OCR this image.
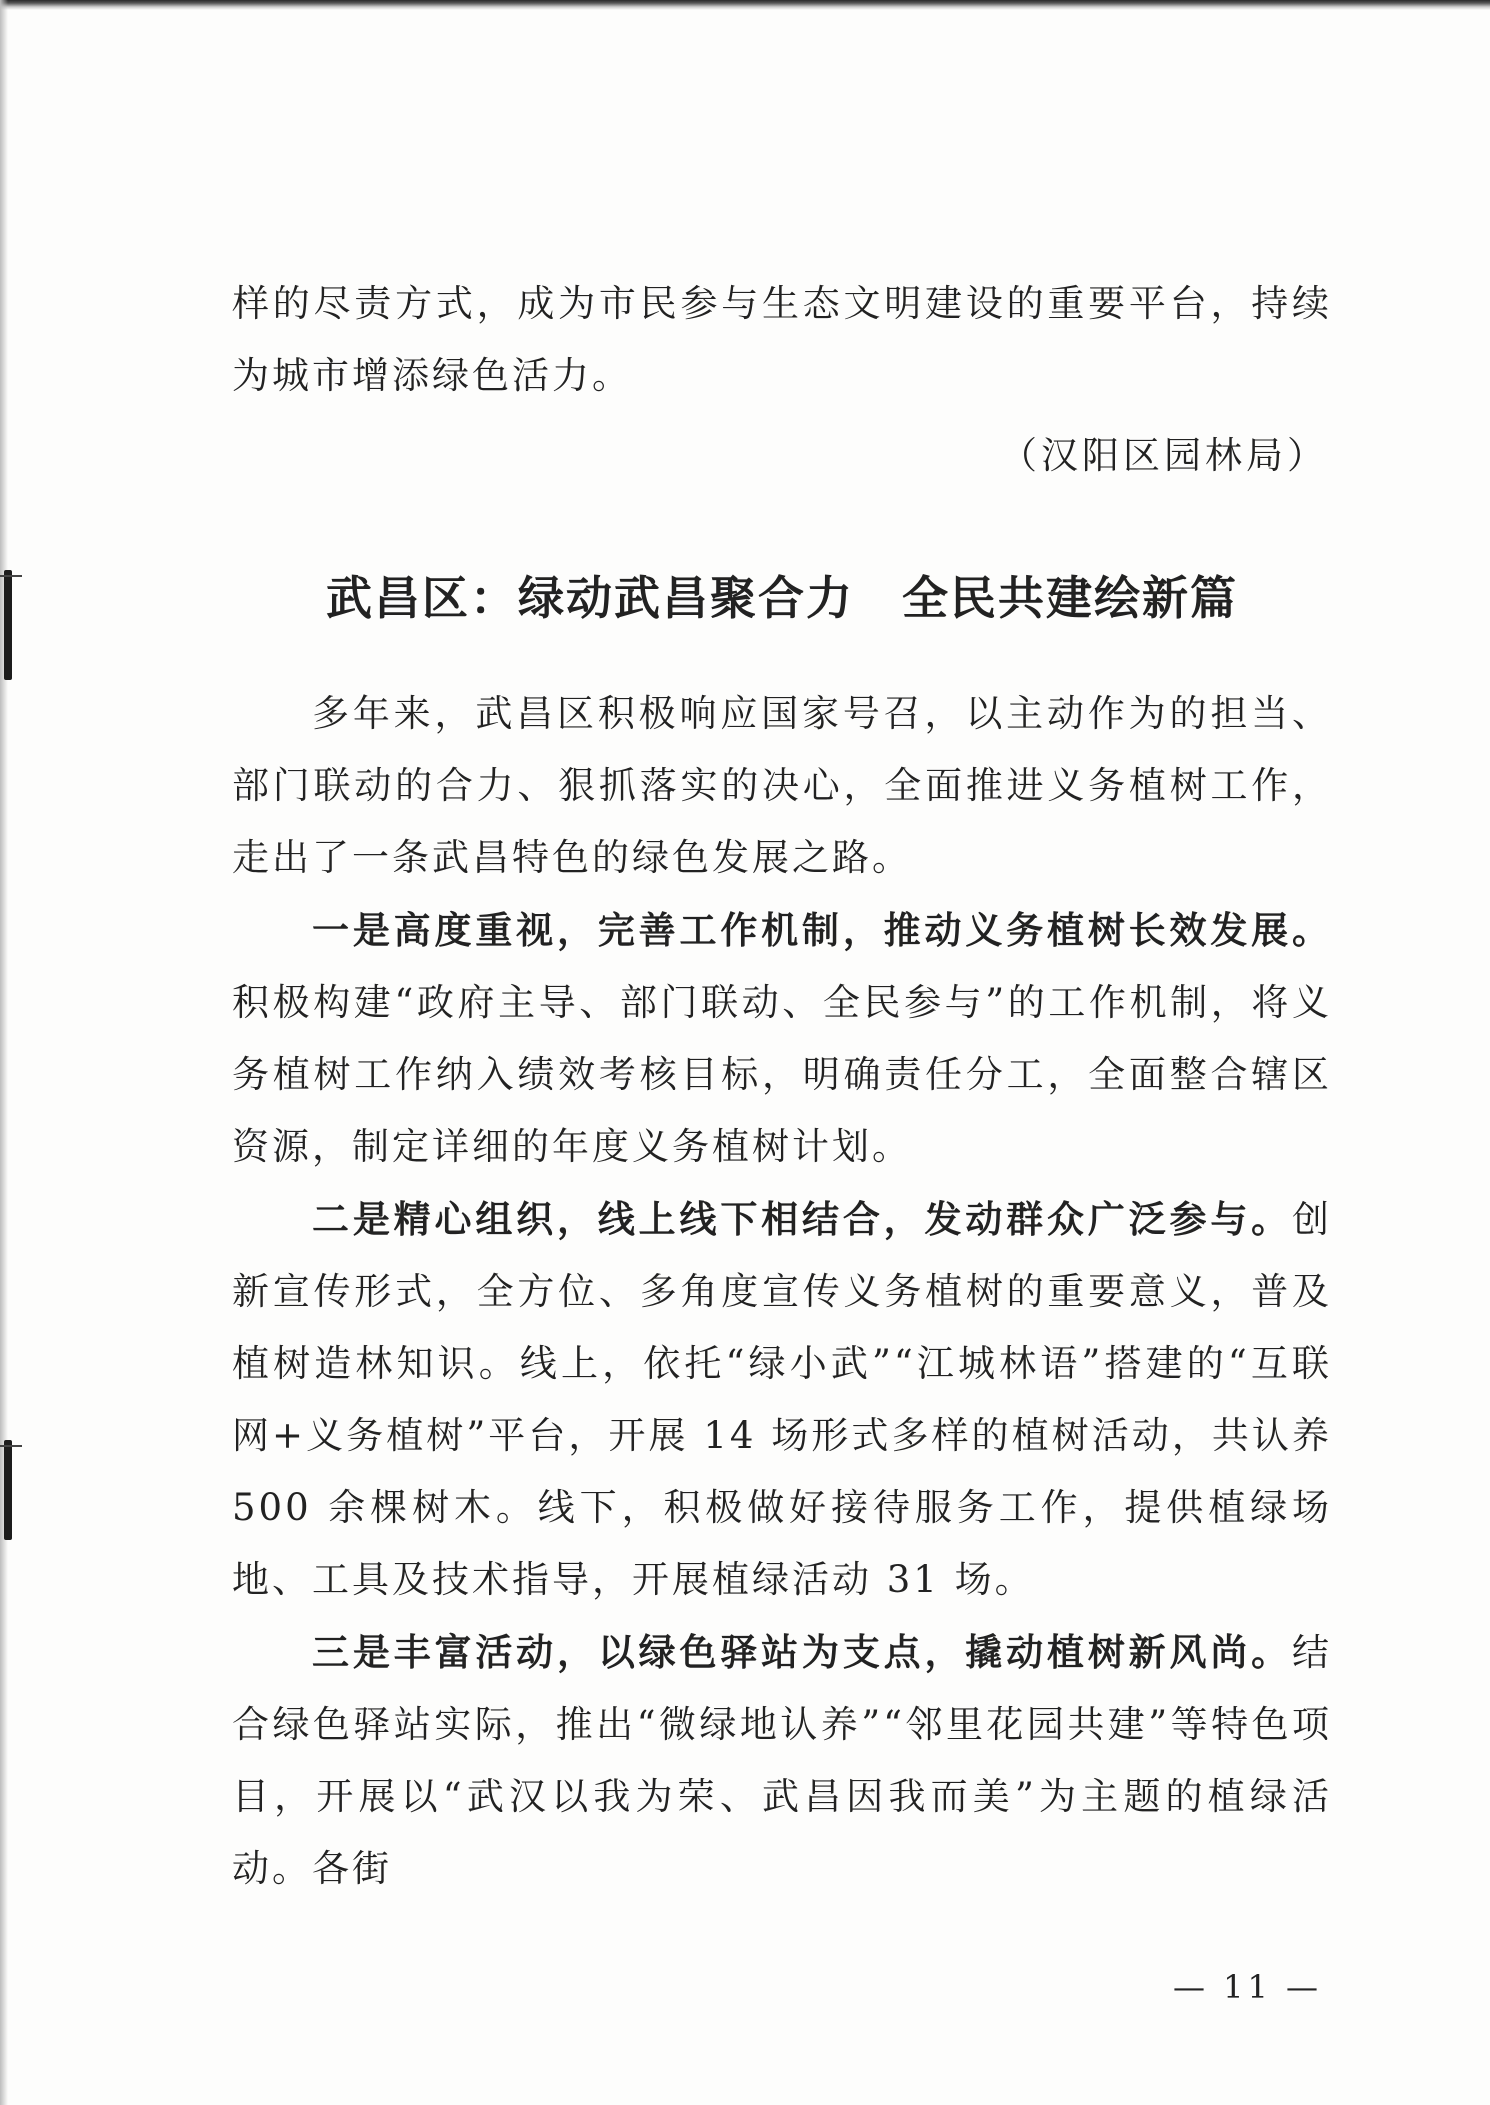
样的尽责方式，成为市民参与生态文明建设的重要平台，持续为城市增添绿色活力。

（汉阳区园林局）

武昌区：绿动武昌聚合力　全民共建绘新篇

多年来，武昌区积极响应国家号召，以主动作为的担当、部门联动的合力、狠抓落实的决心，全面推进义务植树工作，走出了一条武昌特色的绿色发展之路。

一是高度重视，完善工作机制，推动义务植树长效发展。积极构建“政府主导、部门联动、全民参与”的工作机制，将义务植树工作纳入绩效考核目标，明确责任分工，全面整合辖区资源，制定详细的年度义务植树计划。

二是精心组织，线上线下相结合，发动群众广泛参与。创新宣传形式，全方位、多角度宣传义务植树的重要意义，普及植树造林知识。线上，依托“绿小武”“江城林语”搭建的“互联网+义务植树”平台，开展 14 场形式多样的植树活动，共认养 500 余棵树木。线下，积极做好接待服务工作，提供植绿场地、工具及技术指导，开展植绿活动 31 场。

三是丰富活动，以绿色驿站为支点，撬动植树新风尚。结合绿色驿站实际，推出“微绿地认养”“邻里花园共建”等特色项目，开展以“武汉以我为荣、武昌因我而美”为主题的植绿活动。各街

— 11 —
